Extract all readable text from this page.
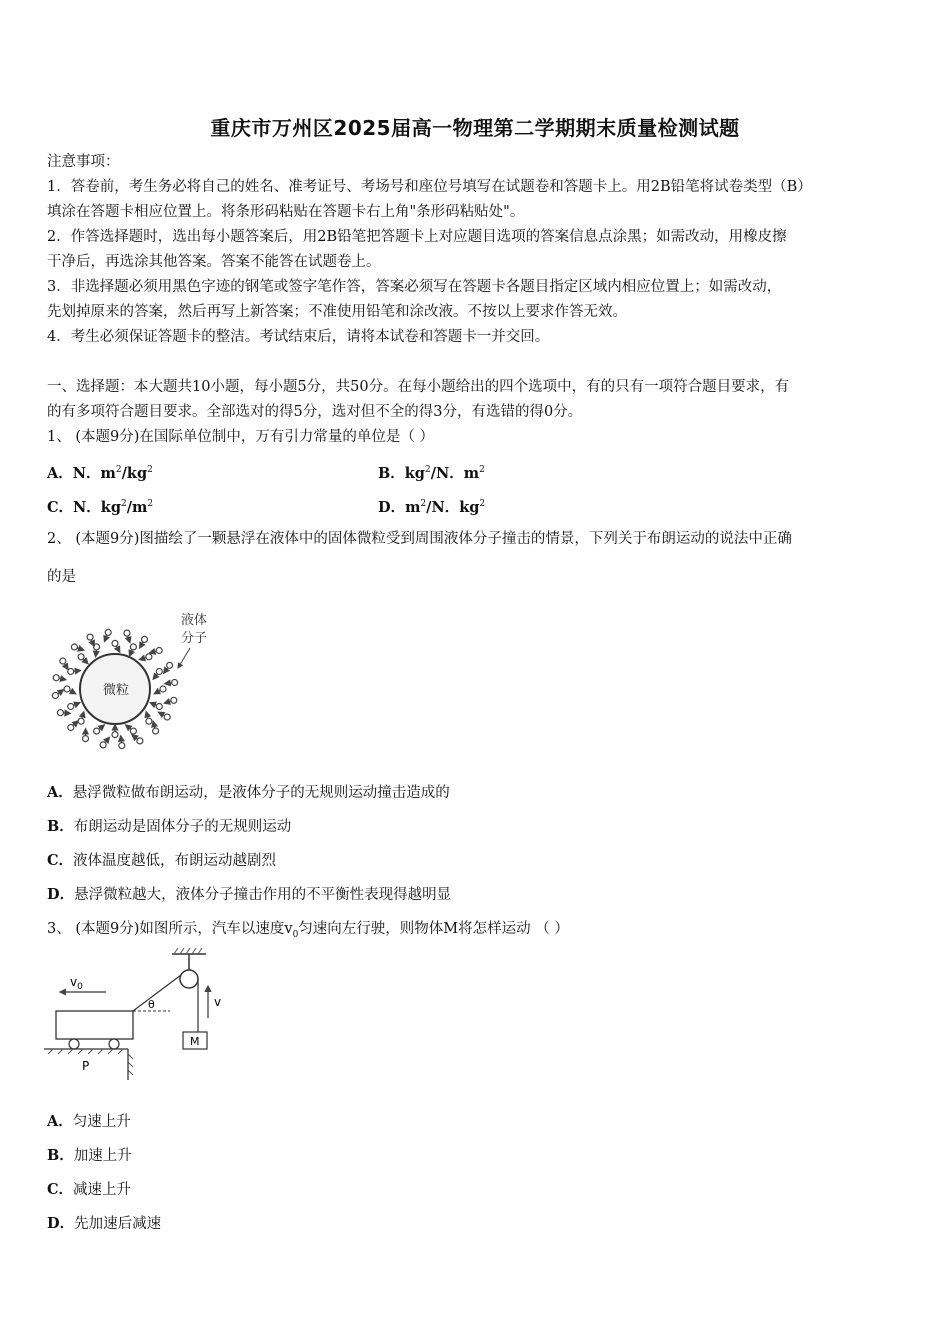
重庆市万州区2025届高一物理第二学期期末质量检测试题
注意事项：
1．答卷前，考生务必将自己的姓名、准考证号、考场号和座位号填写在试题卷和答题卡上。用2B铅笔将试卷类型（B）
填涂在答题卡相应位置上。将条形码粘贴在答题卡右上角"条形码粘贴处"。
2．作答选择题时，选出每小题答案后，用2B铅笔把答题卡上对应题目选项的答案信息点涂黑；如需改动，用橡皮擦
干净后，再选涂其他答案。答案不能答在试题卷上。
3．非选择题必须用黑色字迹的钢笔或签字笔作答，答案必须写在答题卡各题目指定区域内相应位置上；如需改动，
先划掉原来的答案，然后再写上新答案；不准使用铅笔和涂改液。不按以上要求作答无效。
4．考生必须保证答题卡的整洁。考试结束后，请将本试卷和答题卡一并交回。
一、选择题：本大题共10小题，每小题5分，共50分。在每小题给出的四个选项中，有的只有一项符合题目要求，有
的有多项符合题目要求。全部选对的得5分，选对但不全的得3分，有选错的得0分。
1、 (本题9分)在国际单位制中，万有引力常量的单位是（ ）
A．N．$m^2/kg^2$	B．$kg^2/N$．$m^2$
C．N．$kg^2/m^2$	D．$m^2/N$．$kg^2$
2、 (本题9分)图描绘了一颗悬浮在液体中的固体微粒受到周围液体分子撞击的情景，下列关于布朗运动的说法中正确
的是
微粒
液体
分子
A．悬浮微粒做布朗运动，是液体分子的无规则运动撞击造成的
B．布朗运动是固体分子的无规则运动
C．液体温度越低，布朗运动越剧烈
D．悬浮微粒越大，液体分子撞击作用的不平衡性表现得越明显
3、 (本题9分)如图所示，汽车以速度$v_0$匀速向左行驶，则物体M将怎样运动 （ ）
M
v
θ
P
$v_0$
A．匀速上升
B．加速上升
C．减速上升
D．先加速后减速
